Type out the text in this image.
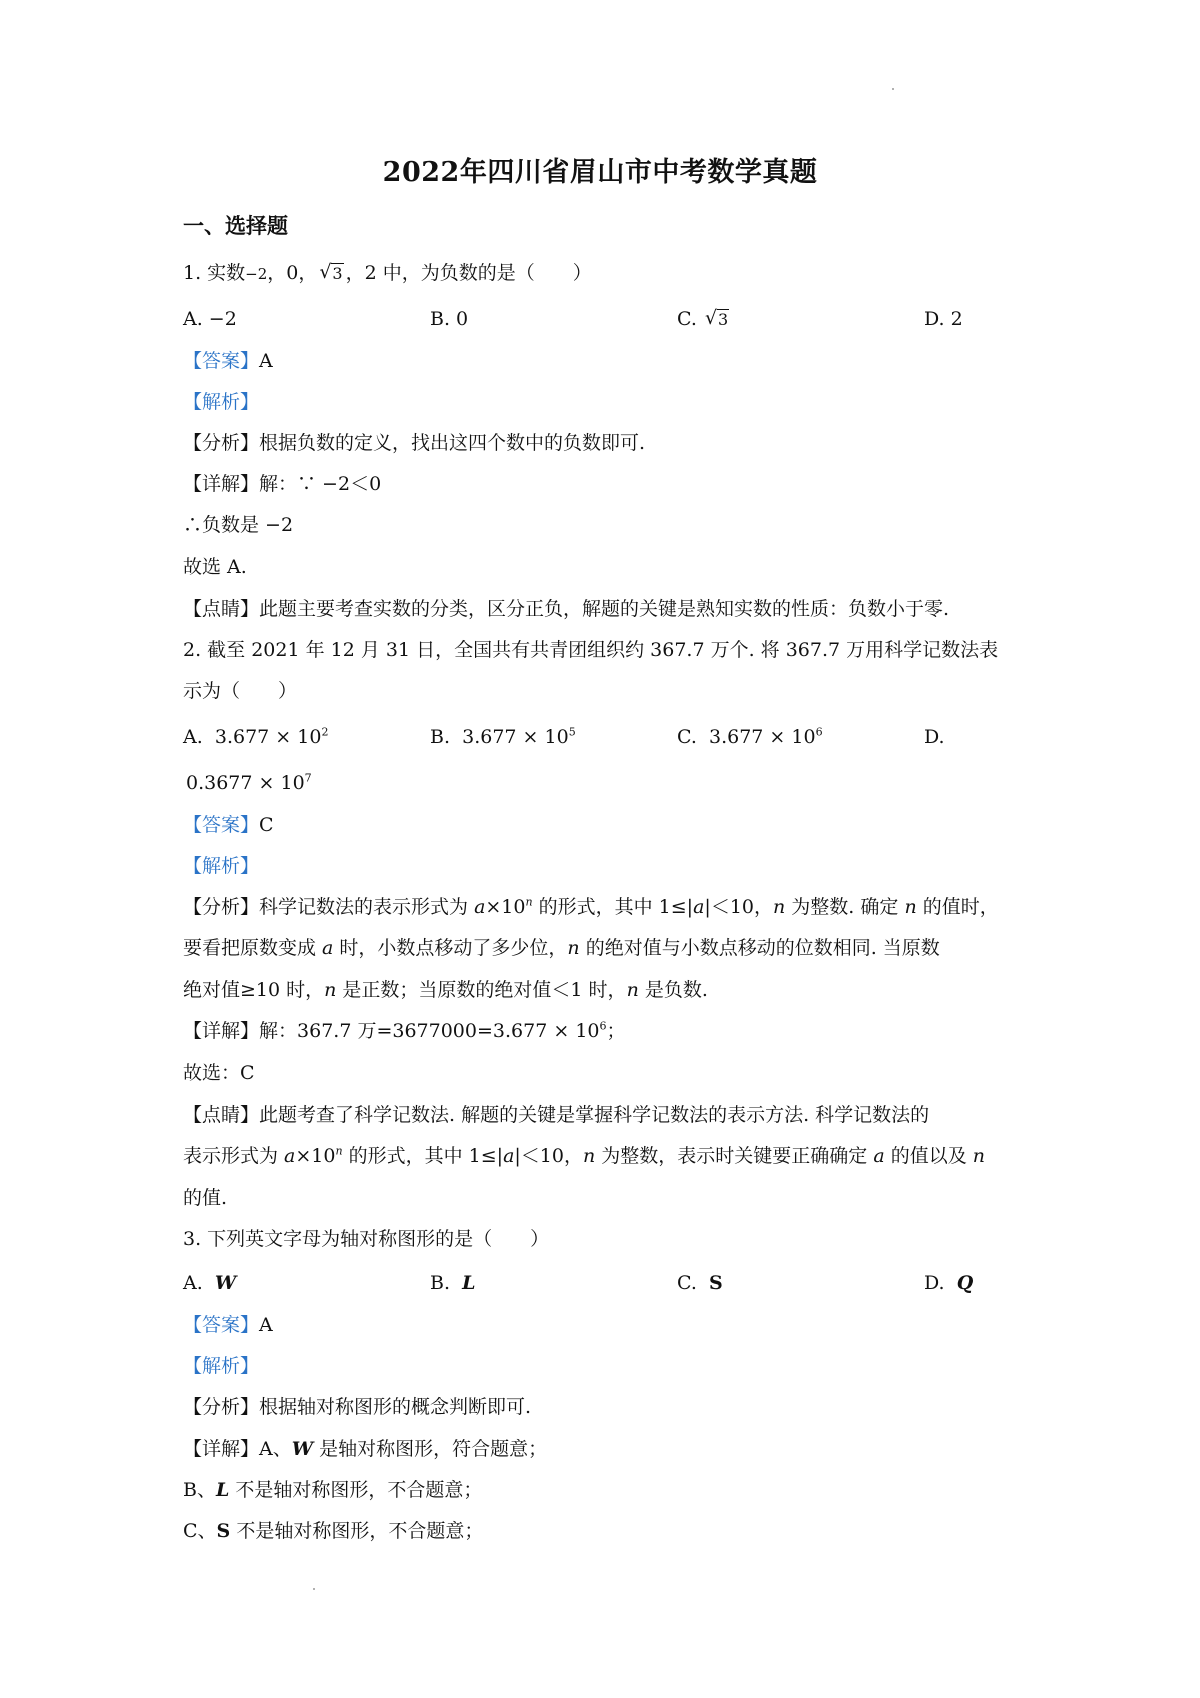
2022年四川省眉山市中考数学真题
一、选择题
1. 实数−2，0， √ 3 ，2 中，为负数的是（　　）
A. −2	B. 0	C. √ 3	D. 2
【答案】A
【解析】
【分析】根据负数的定义，找出这四个数中的负数即可.
【详解】解：∵ −2＜0
∴负数是 −2
故选 A.
【点睛】此题主要考查实数的分类，区分正负，解题的关键是熟知实数的性质：负数小于零.
2. 截至 2021 年 12 月 31 日，全国共有共青团组织约 367.7 万个. 将 367.7 万用科学记数法表
示为（　　）
A. $3.677 \times 10^2$	B. $3.677 \times 10^5$	C. $3.677 \times 10^6$	D.
$0.3677 \times 10^7$
【答案】C
【解析】
【分析】科学记数法的表示形式为 $a\times 10^n$ 的形式，其中 1≤|a|＜10，n 为整数. 确定 n 的值时，
要看把原数变成 a 时，小数点移动了多少位，n 的绝对值与小数点移动的位数相同. 当原数
绝对值≥10 时，n 是正数；当原数的绝对值＜1 时，n 是负数.
【详解】解：367.7 万$=3677000=3.677 \times 10^6$；
故选：C
【点睛】此题考查了科学记数法. 解题的关键是掌握科学记数法的表示方法. 科学记数法的
表示形式为 $a\times 10^n$ 的形式，其中 1≤|a|＜10，n 为整数，表示时关键要正确确定 a 的值以及 n
的值.
3. 下列英文字母为轴对称图形的是（　　）
A. W	B. L	C. S	D. Q
【答案】A
【解析】
【分析】根据轴对称图形的概念判断即可.
【详解】A、W 是轴对称图形，符合题意；
B、L 不是轴对称图形，不合题意；
C、S 不是轴对称图形，不合题意；
